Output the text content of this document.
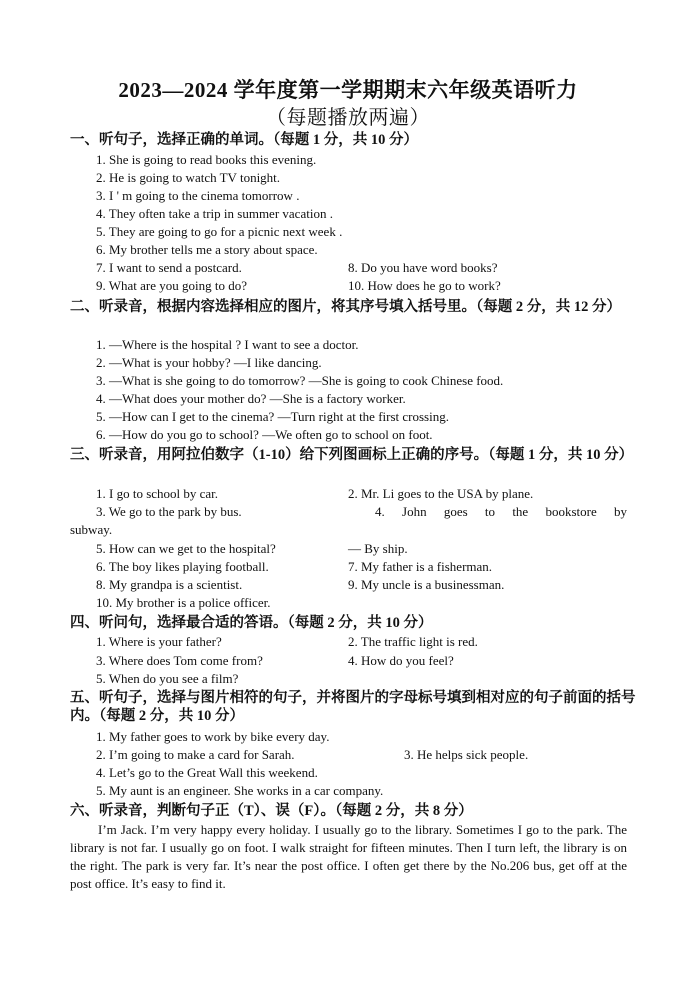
2023—2024 学年度第一学期期末六年级英语听力
（每题播放两遍）
一、听句子，选择正确的单词。（每题 1 分，共 10 分）
1. She is going to read books this evening.
2. He is going to watch TV tonight.
3. I ' m going to the cinema tomorrow .
4. They often take a trip in summer vacation .
5. They are going to go for a picnic next week .
6. My brother tells me a story about space.
7. I want to send a postcard.	8. Do you have word books?
9. What are you going to do?	10. How does he go to work?
二、听录音，根据内容选择相应的图片，将其序号填入括号里。（每题 2 分，共 12 分）
1. —Where is the hospital ? I want to see a doctor.
2. —What is your hobby? —I like dancing.
3. —What is she going to do tomorrow? —She is going to cook Chinese food.
4. —What does your mother do? —She is a factory worker.
5. —How can I get to the cinema? —Turn right at the first crossing.
6. —How do you go to school? —We often go to school on foot.
三、听录音，用阿拉伯数字（1-10）给下列图画标上正确的序号。（每题 1 分，共 10 分）
1. I go to school by car.	2. Mr. Li goes to the USA by plane.
3. We go to the park by bus.	4. John goes to the bookstore by
subway.
5. How can we get to the hospital?	— By ship.
6. The boy likes playing football.	7. My father is a fisherman.
8. My grandpa is a scientist.	9. My uncle is a businessman.
10. My brother is a police officer.
四、听问句，选择最合适的答语。（每题 2 分，共 10 分）
1. Where is your father?	2. The traffic light is red.
3. Where does Tom come from?	4. How do you feel?
5. When do you see a film?
五、听句子，选择与图片相符的句子，并将图片的字母标号填到相对应的句子前面的括号内。（每题 2 分，共 10 分）
1. My father goes to work by bike every day.
2. I’m going to make a card for Sarah.	3. He helps sick people.
4. Let’s go to the Great Wall this weekend.
5. My aunt is an engineer. She works in a car company.
六、听录音，判断句子正（T）、误（F）。（每题 2 分，共 8 分）
I’m Jack. I’m very happy every holiday. I usually go to the library. Sometimes I go to the park. The library is not far. I usually go on foot. I walk straight for fifteen minutes. Then I turn left, the library is on the right. The park is very far. It’s near the post office. I often get there by the No.206 bus, get off at the post office. It’s easy to find it.
